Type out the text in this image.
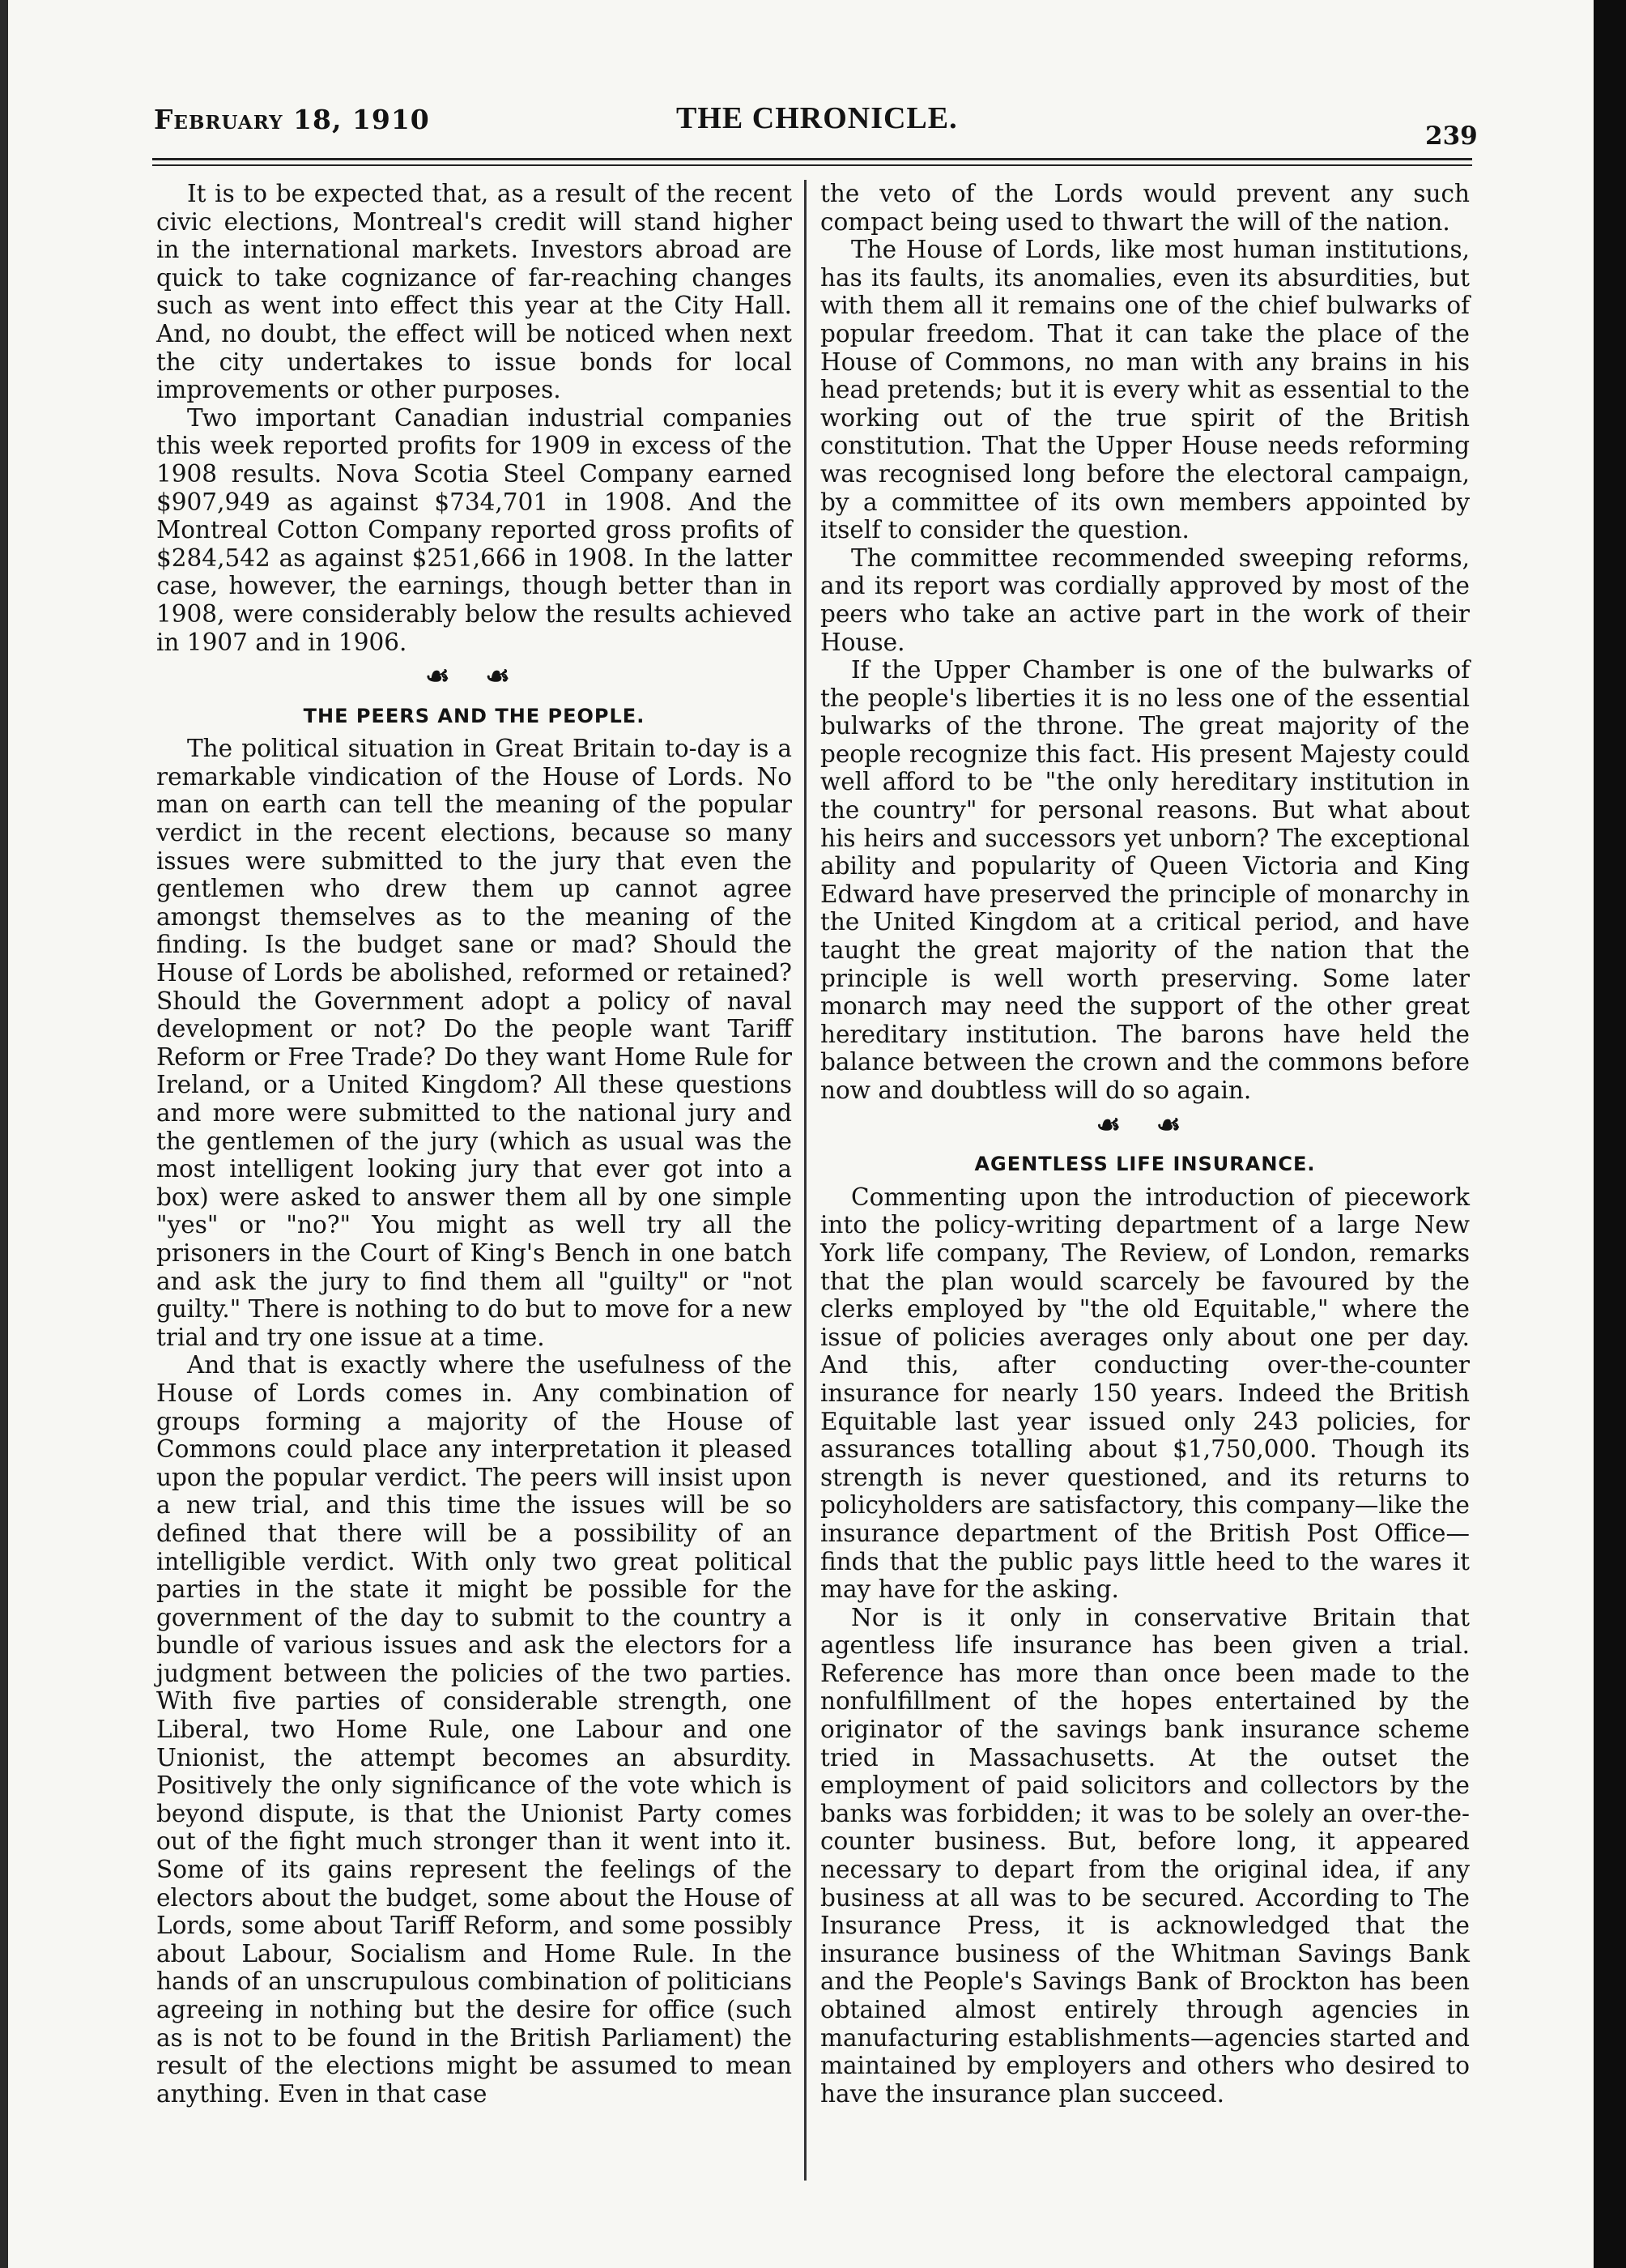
February 18, 1910	THE CHRONICLE.
239

It is to be expected that, as a result of the recent civic elections, Montreal's credit will stand higher in the international markets. Investors abroad are quick to take cognizance of far-reaching changes such as went into effect this year at the City Hall. And, no doubt, the effect will be noticed when next the city undertakes to issue bonds for local improvements or other purposes.

Two important Canadian industrial companies this week reported profits for 1909 in excess of the 1908 results. Nova Scotia Steel Company earned $907,949 as against $734,701 in 1908. And the Montreal Cotton Company reported gross profits of $284,542 as against $251,666 in 1908. In the latter case, however, the earnings, though better than in 1908, were considerably below the results achieved in 1907 and in 1906.

☙ ☙
THE PEERS AND THE PEOPLE.

The political situation in Great Britain to-day is a remarkable vindication of the House of Lords. No man on earth can tell the meaning of the popular verdict in the recent elections, because so many issues were submitted to the jury that even the gentlemen who drew them up cannot agree amongst themselves as to the meaning of the finding. Is the budget sane or mad? Should the House of Lords be abolished, reformed or retained? Should the Government adopt a policy of naval development or not? Do the people want Tariff Reform or Free Trade? Do they want Home Rule for Ireland, or a United Kingdom? All these questions and more were submitted to the national jury and the gentlemen of the jury (which as usual was the most intelligent looking jury that ever got into a box) were asked to answer them all by one simple "yes" or "no?" You might as well try all the prisoners in the Court of King's Bench in one batch and ask the jury to find them all "guilty" or "not guilty." There is nothing to do but to move for a new trial and try one issue at a time.

And that is exactly where the usefulness of the House of Lords comes in. Any combination of groups forming a majority of the House of Commons could place any interpretation it pleased upon the popular verdict. The peers will insist upon a new trial, and this time the issues will be so defined that there will be a possibility of an intelligible verdict. With only two great political parties in the state it might be possible for the government of the day to submit to the country a bundle of various issues and ask the electors for a judgment between the policies of the two parties. With five parties of considerable strength, one Liberal, two Home Rule, one Labour and one Unionist, the attempt becomes an absurdity. Positively the only significance of the vote which is beyond dispute, is that the Unionist Party comes out of the fight much stronger than it went into it. Some of its gains represent the feelings of the electors about the budget, some about the House of Lords, some about Tariff Reform, and some possibly about Labour, Socialism and Home Rule. In the hands of an unscrupulous combination of politicians agreeing in nothing but the desire for office (such as is not to be found in the British Parliament) the result of the elections might be assumed to mean anything. Even in that case

the veto of the Lords would prevent any such compact being used to thwart the will of the nation.

The House of Lords, like most human institutions, has its faults, its anomalies, even its absurdities, but with them all it remains one of the chief bulwarks of popular freedom. That it can take the place of the House of Commons, no man with any brains in his head pretends; but it is every whit as essential to the working out of the true spirit of the British constitution. That the Upper House needs reforming was recognised long before the electoral campaign, by a committee of its own members appointed by itself to consider the question.

The committee recommended sweeping reforms, and its report was cordially approved by most of the peers who take an active part in the work of their House.

If the Upper Chamber is one of the bulwarks of the people's liberties it is no less one of the essential bulwarks of the throne. The great majority of the people recognize this fact. His present Majesty could well afford to be "the only hereditary institution in the country" for personal reasons. But what about his heirs and successors yet unborn? The exceptional ability and popularity of Queen Victoria and King Edward have preserved the principle of monarchy in the United Kingdom at a critical period, and have taught the great majority of the nation that the principle is well worth preserving. Some later monarch may need the support of the other great hereditary institution. The barons have held the balance between the crown and the commons before now and doubtless will do so again.

☙ ☙
AGENTLESS LIFE INSURANCE.

Commenting upon the introduction of piecework into the policy-writing department of a large New York life company, The Review, of London, remarks that the plan would scarcely be favoured by the clerks employed by "the old Equitable," where the issue of policies averages only about one per day. And this, after conducting over-the-counter insurance for nearly 150 years. Indeed the British Equitable last year issued only 243 policies, for assurances totalling about $1,750,000. Though its strength is never questioned, and its returns to policyholders are satisfactory, this company—like the insurance department of the British Post Office—finds that the public pays little heed to the wares it may have for the asking.

Nor is it only in conservative Britain that agentless life insurance has been given a trial. Reference has more than once been made to the nonfulfillment of the hopes entertained by the originator of the savings bank insurance scheme tried in Massachusetts. At the outset the employment of paid solicitors and collectors by the banks was forbidden; it was to be solely an over-the-counter business. But, before long, it appeared necessary to depart from the original idea, if any business at all was to be secured. According to The Insurance Press, it is acknowledged that the insurance business of the Whitman Savings Bank and the People's Savings Bank of Brockton has been obtained almost entirely through agencies in manufacturing establishments—agencies started and maintained by employers and others who desired to have the insurance plan succeed.
